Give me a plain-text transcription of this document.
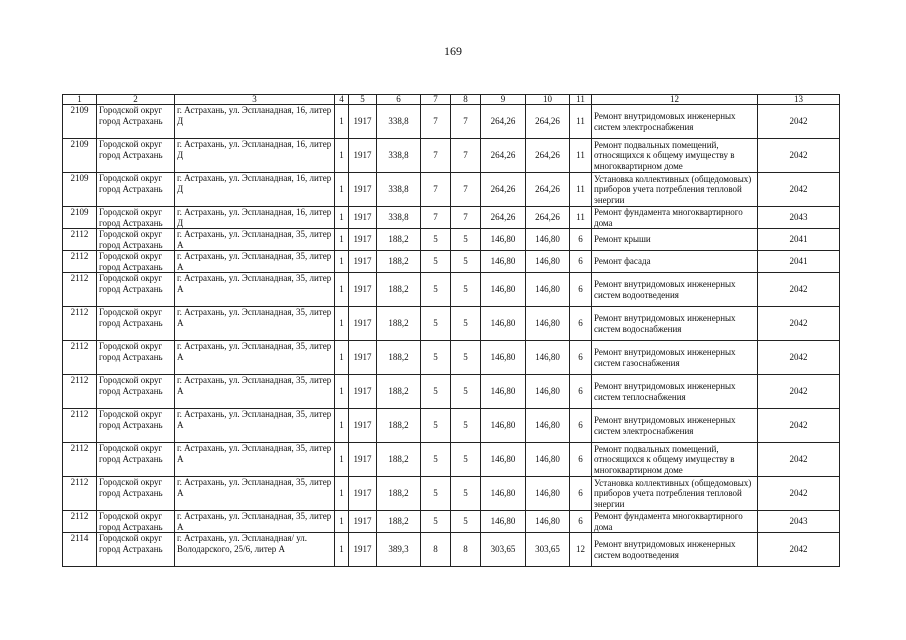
169
1	2	3	4	5	6	7	8	9	10	11	12	13
2109	Городской округ город Астрахань	г. Астрахань, ул. Эспланадная, 16, литер Д	1	1917	338,8	7	7	264,26	264,26	11	Ремонт внутридомовых инженерных систем электроснабжения	2042
2109	Городской округ город Астрахань	г. Астрахань, ул. Эспланадная, 16, литер Д	1	1917	338,8	7	7	264,26	264,26	11	Ремонт подвальных помещений, относящихся к общему имуществу в многоквартирном доме	2042
2109	Городской округ город Астрахань	г. Астрахань, ул. Эспланадная, 16, литер Д	1	1917	338,8	7	7	264,26	264,26	11	Установка коллективных (общедомовых) приборов учета потребления тепловой энергии	2042
2109	Городской округ город Астрахань	г. Астрахань, ул. Эспланадная, 16, литер Д	1	1917	338,8	7	7	264,26	264,26	11	Ремонт фундамента многоквартирного дома	2043
2112	Городской округ город Астрахань	г. Астрахань, ул. Эспланадная, 35, литер А	1	1917	188,2	5	5	146,80	146,80	6	Ремонт крыши	2041
2112	Городской округ город Астрахань	г. Астрахань, ул. Эспланадная, 35, литер А	1	1917	188,2	5	5	146,80	146,80	6	Ремонт фасада	2041
2112	Городской округ город Астрахань	г. Астрахань, ул. Эспланадная, 35, литер А	1	1917	188,2	5	5	146,80	146,80	6	Ремонт внутридомовых инженерных систем водоотведения	2042
2112	Городской округ город Астрахань	г. Астрахань, ул. Эспланадная, 35, литер А	1	1917	188,2	5	5	146,80	146,80	6	Ремонт внутридомовых инженерных систем водоснабжения	2042
2112	Городской округ город Астрахань	г. Астрахань, ул. Эспланадная, 35, литер А	1	1917	188,2	5	5	146,80	146,80	6	Ремонт внутридомовых инженерных систем газоснабжения	2042
2112	Городской округ город Астрахань	г. Астрахань, ул. Эспланадная, 35, литер А	1	1917	188,2	5	5	146,80	146,80	6	Ремонт внутридомовых инженерных систем теплоснабжения	2042
2112	Городской округ город Астрахань	г. Астрахань, ул. Эспланадная, 35, литер А	1	1917	188,2	5	5	146,80	146,80	6	Ремонт внутридомовых инженерных систем электроснабжения	2042
2112	Городской округ город Астрахань	г. Астрахань, ул. Эспланадная, 35, литер А	1	1917	188,2	5	5	146,80	146,80	6	Ремонт подвальных помещений, относящихся к общему имуществу в многоквартирном доме	2042
2112	Городской округ город Астрахань	г. Астрахань, ул. Эспланадная, 35, литер А	1	1917	188,2	5	5	146,80	146,80	6	Установка коллективных (общедомовых) приборов учета потребления тепловой энергии	2042
2112	Городской округ город Астрахань	г. Астрахань, ул. Эспланадная, 35, литер А	1	1917	188,2	5	5	146,80	146,80	6	Ремонт фундамента многоквартирного дома	2043
2114	Городской округ город Астрахань	г. Астрахань, ул. Эспланадная/ ул. Володарского, 25/6, литер А	1	1917	389,3	8	8	303,65	303,65	12	Ремонт внутридомовых инженерных систем водоотведения	2042
